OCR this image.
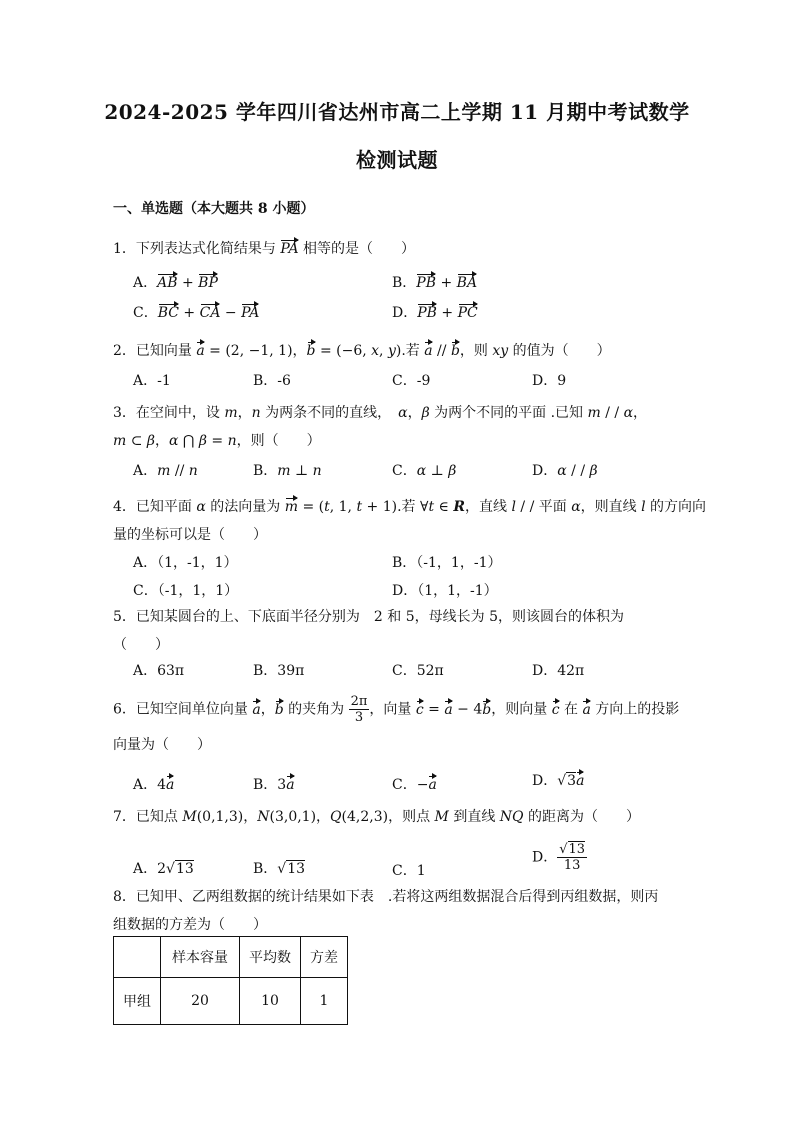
2024-2025 学年四川省达州市高二上学期 11 月期中考试数学
检测试题
一、单选题（本大题共 8 小题）
1．下列表达式化简结果与 PA 相等的是（　　）
A．AB + BP	B．PB + BA
C．BC + CA − PA	D．PB + PC
2．已知向量 a = (2, −1, 1)，b = (−6, x, y).若 a // b，则 xy 的值为（　　）
A．-1	B．-6	C．-9	D．9
3．在空间中，设 m，n 为两条不同的直线，　α，β 为两个不同的平面 .已知 m / / α，
m ⊂ β，α ⋂ β = n，则（　　）
A．m // n	B．m ⊥ n	C．α ⊥ β	D．α / / β
4．已知平面 α 的法向量为 m = (t, 1, t + 1).若 ∀t ∈ R，直线 l / / 平面 α，则直线 l 的方向向
量的坐标可以是（　　）
A．（1，-1，1）	B．（-1，1，-1）
C．（-1，1，1）	D．（1，1，-1）
5．已知某圆台的上、下底面半径分别为　2 和 5，母线长为 5，则该圆台的体积为
（　　）
A．63π	B．39π	C．52π	D．42π
6．已知空间单位向量 a，b 的夹角为 $\frac{2\pi}{3}$ ，向量 c = a − 4b，则向量 c 在 a 方向上的投影
向量为（　　）
A．4a	B．3a	C．−a	D．√3a
7．已知点 M(0,1,3)，N(3,0,1)，Q(4,2,3)，则点 M 到直线 NQ 的距离为（　　）
A．2√13	B．√13	C．1
D． $\frac{√13}{13}$
8．已知甲、乙两组数据的统计结果如下表　.若将这两组数据混合后得到丙组数据，则丙
组数据的方差为（　　）
	样本容量	平均数	方差
甲组	20	10	1
